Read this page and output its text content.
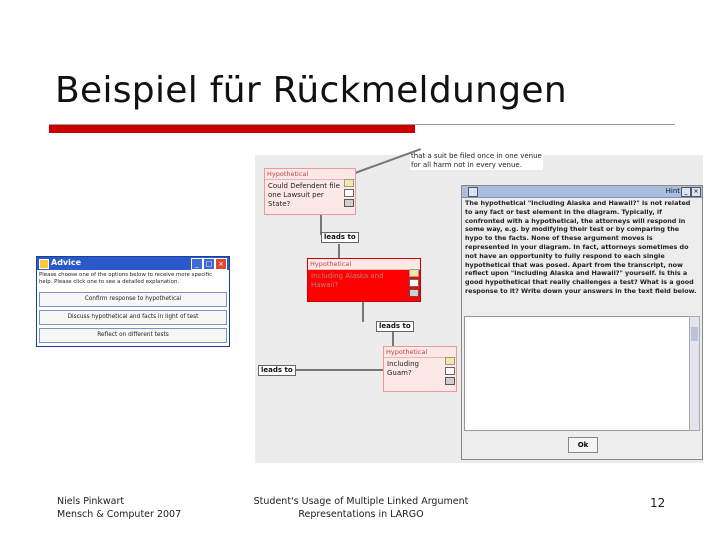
Beispiel für Rückmeldungen
that a suit be filed once in one venue
for all harm not in every venue.
Hypothetical
Could Defendent file one Lawsuit per State?
leads to
Hypothetical
Including Alaska and Hawaii?
leads to
Hypothetical
Including Guam?
leads to
Hint _ ×
The hypothetical "Including Alaska and Hawaii?" is not related to any fact or test element in the diagram. Typically, if confronted with a hypothetical, the attorneys will respond in some way, e.g. by modifying their test or by comparing the hypo to the facts. None of these argument moves is represented in your diagram. In fact, attorneys sometimes do not have an opportunity to fully respond to each single hypothetical that was posed. Apart from the transcript, now reflect upon "Including Alaska and Hawaii?" yourself. Is this a good hypothetical that really challenges a test? What is a good response to it? Write down your answers in the text field below.
Ok
Advice	_ □ ×
Please choose one of the options below to receive more specific help. Please click one to see a detailed explanation.
Confirm response to hypothetical
Discuss hypothetical and facts in light of test
Reflect on different tests
Niels Pinkwart
Mensch & Computer 2007
Student's Usage of Multiple Linked Argument
Representations in LARGO
12
